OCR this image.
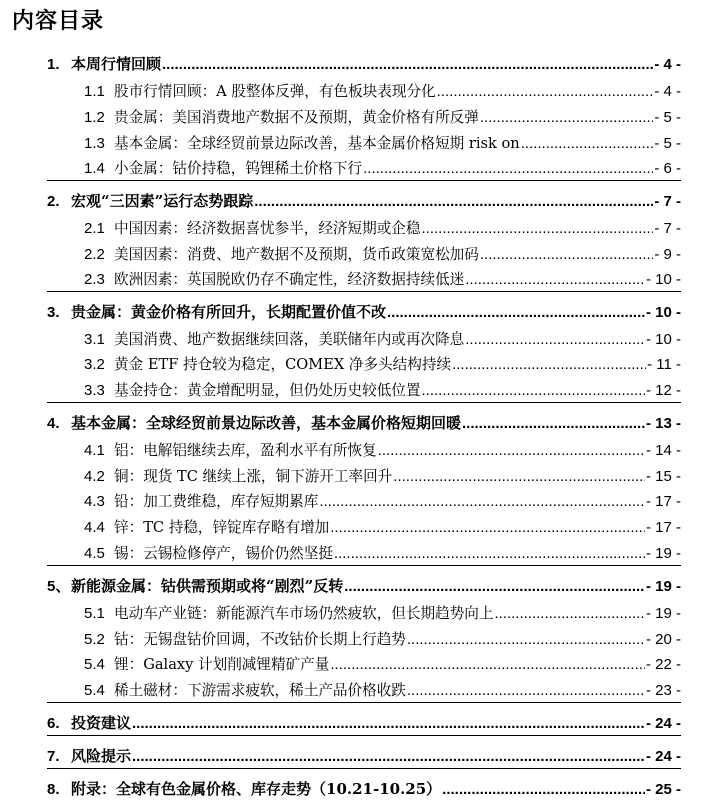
内容目录
1. 本周行情回顾 .....	- 4 -
1.1 股市行情回顾：A 股整体反弹，有色板块表现分化 .....	- 4 -
1.2 贵金属：美国消费地产数据不及预期，黄金价格有所反弹 .....	- 5 -
1.3 基本金属：全球经贸前景边际改善，基本金属价格短期 risk on .....	- 5 -
1.4 小金属：钴价持稳，钨锂稀土价格下行 .....	- 6 -
2. 宏观“三因素”运行态势跟踪 .....	- 7 -
2.1 中国因素：经济数据喜忧参半，经济短期或企稳 .....	- 7 -
2.2 美国因素：消费、地产数据不及预期，货币政策宽松加码 .....	- 9 -
2.3 欧洲因素：英国脱欧仍存不确定性，经济数据持续低迷 .....	- 10 -
3. 贵金属：黄金价格有所回升，长期配置价值不改 .....	- 10 -
3.1 美国消费、地产数据继续回落，美联储年内或再次降息 .....	- 10 -
3.2 黄金 ETF 持仓较为稳定，COMEX 净多头结构持续 .....	- 11 -
3.3 基金持仓：黄金增配明显，但仍处历史较低位置 .....	- 12 -
4. 基本金属：全球经贸前景边际改善，基本金属价格短期回暖 .....	- 13 -
4.1 铝：电解铝继续去库，盈利水平有所恢复 .....	- 14 -
4.2 铜：现货 TC 继续上涨，铜下游开工率回升 .....	- 15 -
4.3 铅：加工费维稳，库存短期累库 .....	- 17 -
4.4 锌：TC 持稳，锌锭库存略有增加 .....	- 17 -
4.5 锡：云锡检修停产，锡价仍然坚挺 .....	- 19 -
5、 新能源金属：钴供需预期或将“剧烈”反转 .....	- 19 -
5.1 电动车产业链：新能源汽车市场仍然疲软，但长期趋势向上 .....	- 19 -
5.2 钴：无锡盘钴价回调，不改钴价长期上行趋势 .....	- 20 -
5.4 锂：Galaxy 计划削减锂精矿产量 .....	- 22 -
5.4 稀土磁材：下游需求疲软，稀土产品价格收跌 .....	- 23 -
6. 投资建议 .....	- 24 -
7. 风险提示 .....	- 24 -
8. 附录：全球有色金属价格、库存走势（10.21-10.25） .....	- 25 -
